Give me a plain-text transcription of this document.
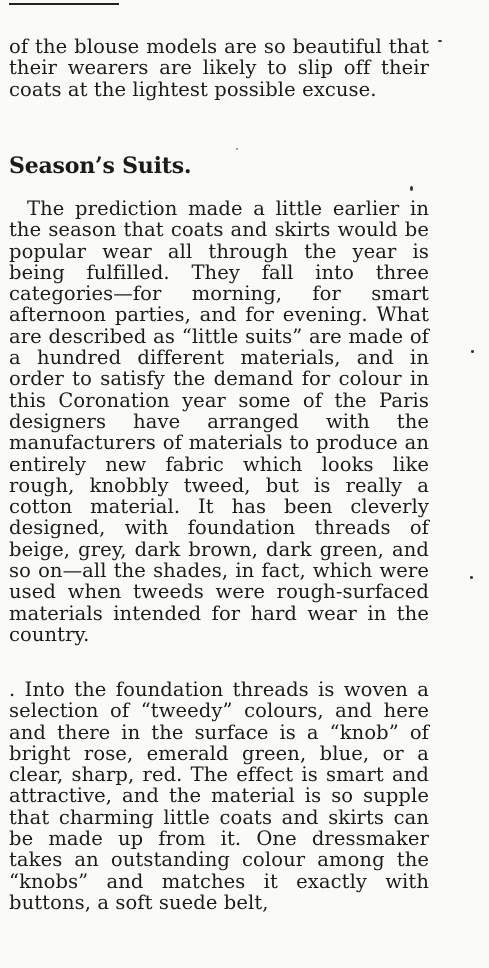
of the blouse models are so beautiful that their wearers are likely to slip off their coats at the lightest possible excuse.

Season’s Suits.

The prediction made a little earlier in the season that coats and skirts would be popular wear all through the year is being fulfilled. They fall into three categories—for morning, for smart afternoon parties, and for evening. What are described as “little suits” are made of a hundred different materials, and in order to satisfy the demand for colour in this Coronation year some of the Paris designers have arranged with the manufacturers of materials to produce an entirely new fabric which looks like rough, knobbly tweed, but is really a cotton material. It has been cleverly designed, with foundation threads of beige, grey, dark brown, dark green, and so on—all the shades, in fact, which were used when tweeds were rough-surfaced materials intended for hard wear in the country.

. Into the foundation threads is woven a selection of “tweedy” colours, and here and there in the surface is a “knob” of bright rose, emerald green, blue, or a clear, sharp, red. The effect is smart and attractive, and the material is so supple that charming little coats and skirts can be made up from it. One dressmaker takes an outstanding colour among the “knobs” and matches it exactly with buttons, a soft suede belt,
